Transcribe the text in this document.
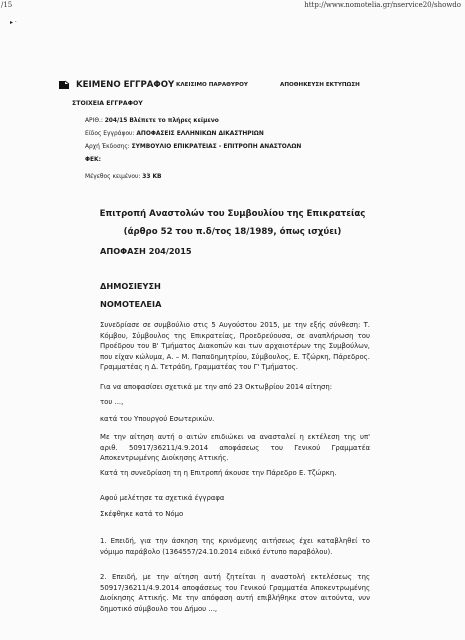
/15	http://www.nomotelia.gr/nservice20/showdo
▸ ·
ΚΕΙΜΕΝΟ ΕΓΓΡΑΦΟΥ ΚΛΕΙΣΙΜΟ ΠΑΡΑΘΥΡΟΥ	ΑΠΟΘΗΚΕΥΣΗ ΕΚΤΥΠΩΣΗ
ΣΤΟΙΧΕΙΑ ΕΓΓΡΑΦΟΥ
ΑΡΙΘ.: 204/15 Βλέπετε το πλήρες κείμενο
Είδος Εγγράφου: ΑΠΟΦΑΣΕΙΣ ΕΛΛΗΝΙΚΩΝ ΔΙΚΑΣΤΗΡΙΩΝ
Αρχή Έκδοσης: ΣΥΜΒΟΥΛΙΟ ΕΠΙΚΡΑΤΕΙΑΣ - ΕΠΙΤΡΟΠΗ ΑΝΑΣΤΟΛΩΝ
ΦΕΚ:
Μέγεθος κειμένου: 33 KB
Επιτροπή Αναστολών του Συμβουλίου της Επικρατείας
(άρθρο 52 του π.δ/τος 18/1989, όπως ισχύει)
ΑΠΟΦΑΣΗ 204/2015
ΔΗΜΟΣΙΕΥΣΗ
ΝΟΜΟΤΕΛΕΙΑ

Συνεδρίασε σε συμβούλιο στις 5 Αυγούστου 2015, με την εξής σύνθεση: Τ. Κόμβου, Σύμβουλος της Επικρατείας, Προεδρεύουσα, σε αναπλήρωση του Προέδρου του Β' Τμήματος Διακοπών και των αρχαιοτέρων της Συμβούλων, που είχαν κώλυμα, Α. – Μ. Παπαδημητρίου, Σύμβουλος, Ε. Τζώρκη, Πάρεδρος. Γραμματέας η Δ. Τετράδη, Γραμματέας του Γ' Τμήματος.

Για να αποφασίσει σχετικά με την από 23 Οκτωβρίου 2014 αίτηση:
του ...,
κατά του Υπουργού Εσωτερικών.

Με την αίτηση αυτή ο αιτών επιδιώκει να ανασταλεί η εκτέλεση της υπ' αριθ. 50917/36211/4.9.2014 αποφάσεως του Γενικού Γραμματέα Αποκεντρωμένης Διοίκησης Αττικής.

Κατά τη συνεδρίαση τη η Επιτροπή άκουσε την Πάρεδρο Ε. Τζώρκη.

Αφού μελέτησε τα σχετικά έγγραφα
Σκέφθηκε κατά το Νόμο

1. Επειδή, για την άσκηση της κρινόμενης αιτήσεως έχει καταβληθεί το νόμιμο παράβολο (1364557/24.10.2014 ειδικό έντυπο παραβόλου).

2. Επειδή, με την αίτηση αυτή ζητείται η αναστολή εκτελέσεως της 50917/36211/4.9.2014 αποφάσεως του Γενικού Γραμματέα Αποκεντρωμένης Διοίκησης Αττικής. Με την απόφαση αυτή επιβλήθηκε στον αιτούντα, νυν δημοτικό σύμβουλο του Δήμου ...,
